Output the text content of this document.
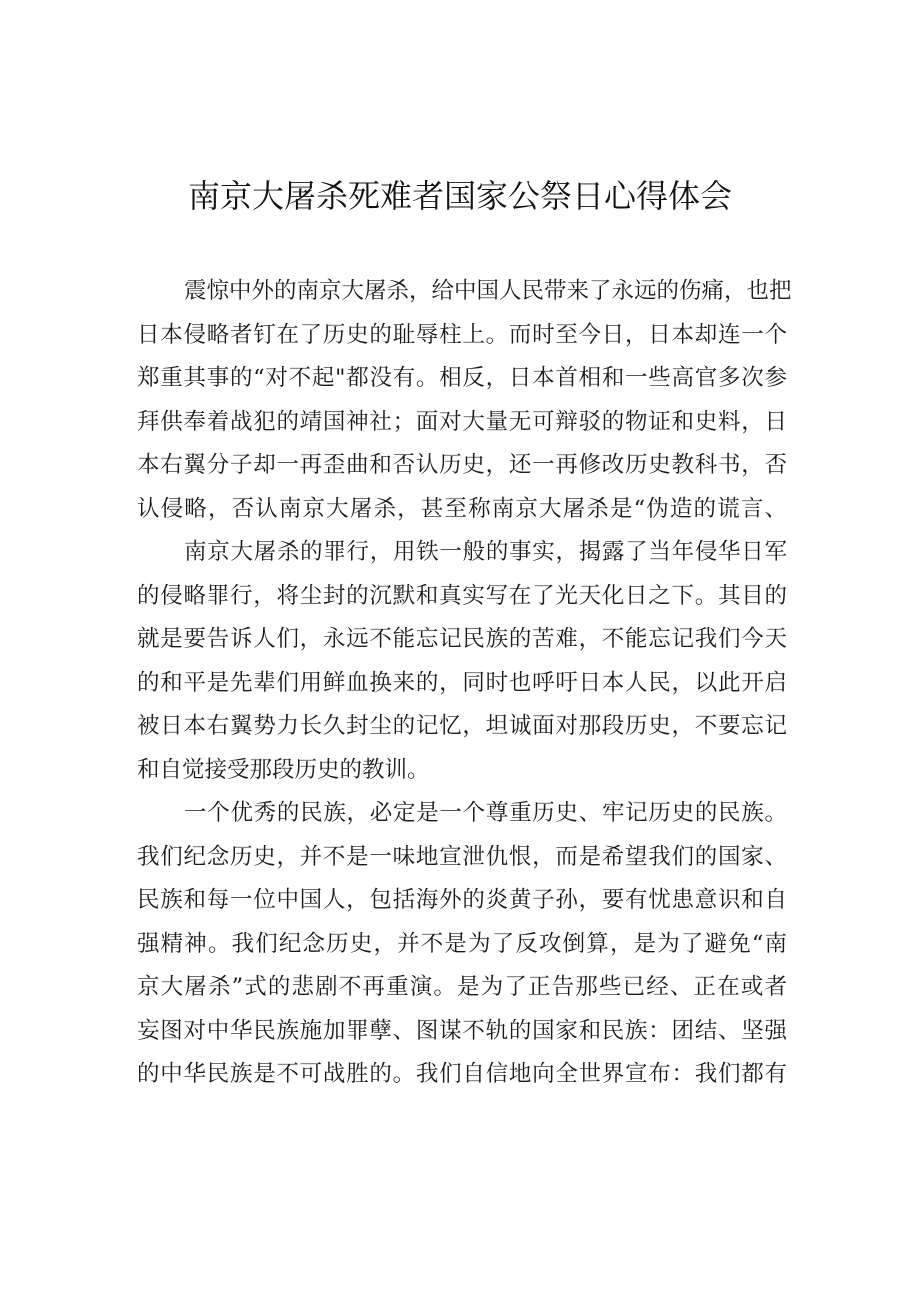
南京大屠杀死难者国家公祭日心得体会
震惊中外的南京大屠杀，给中国人民带来了永远的伤痛，也把
日本侵略者钉在了历史的耻辱柱上。而时至今日，日本却连一个
郑重其事的“对不起"都没有。相反，日本首相和一些高官多次参
拜供奉着战犯的靖国神社；面对大量无可辩驳的物证和史料，日
本右翼分子却一再歪曲和否认历史，还一再修改历史教科书，否
认侵略，否认南京大屠杀，甚至称南京大屠杀是“伪造的谎言、
南京大屠杀的罪行，用铁一般的事实，揭露了当年侵华日军
的侵略罪行，将尘封的沉默和真实写在了光天化日之下。其目的
就是要告诉人们，永远不能忘记民族的苦难，不能忘记我们今天
的和平是先辈们用鲜血换来的，同时也呼吁日本人民，以此开启
被日本右翼势力长久封尘的记忆，坦诚面对那段历史，不要忘记
和自觉接受那段历史的教训。
一个优秀的民族，必定是一个尊重历史、牢记历史的民族。
我们纪念历史，并不是一味地宣泄仇恨，而是希望我们的国家、
民族和每一位中国人，包括海外的炎黄子孙，要有忧患意识和自
强精神。我们纪念历史，并不是为了反攻倒算，是为了避免“南
京大屠杀”式的悲剧不再重演。是为了正告那些已经、正在或者
妄图对中华民族施加罪孽、图谋不轨的国家和民族：团结、坚强
的中华民族是不可战胜的。我们自信地向全世界宣布：我们都有
